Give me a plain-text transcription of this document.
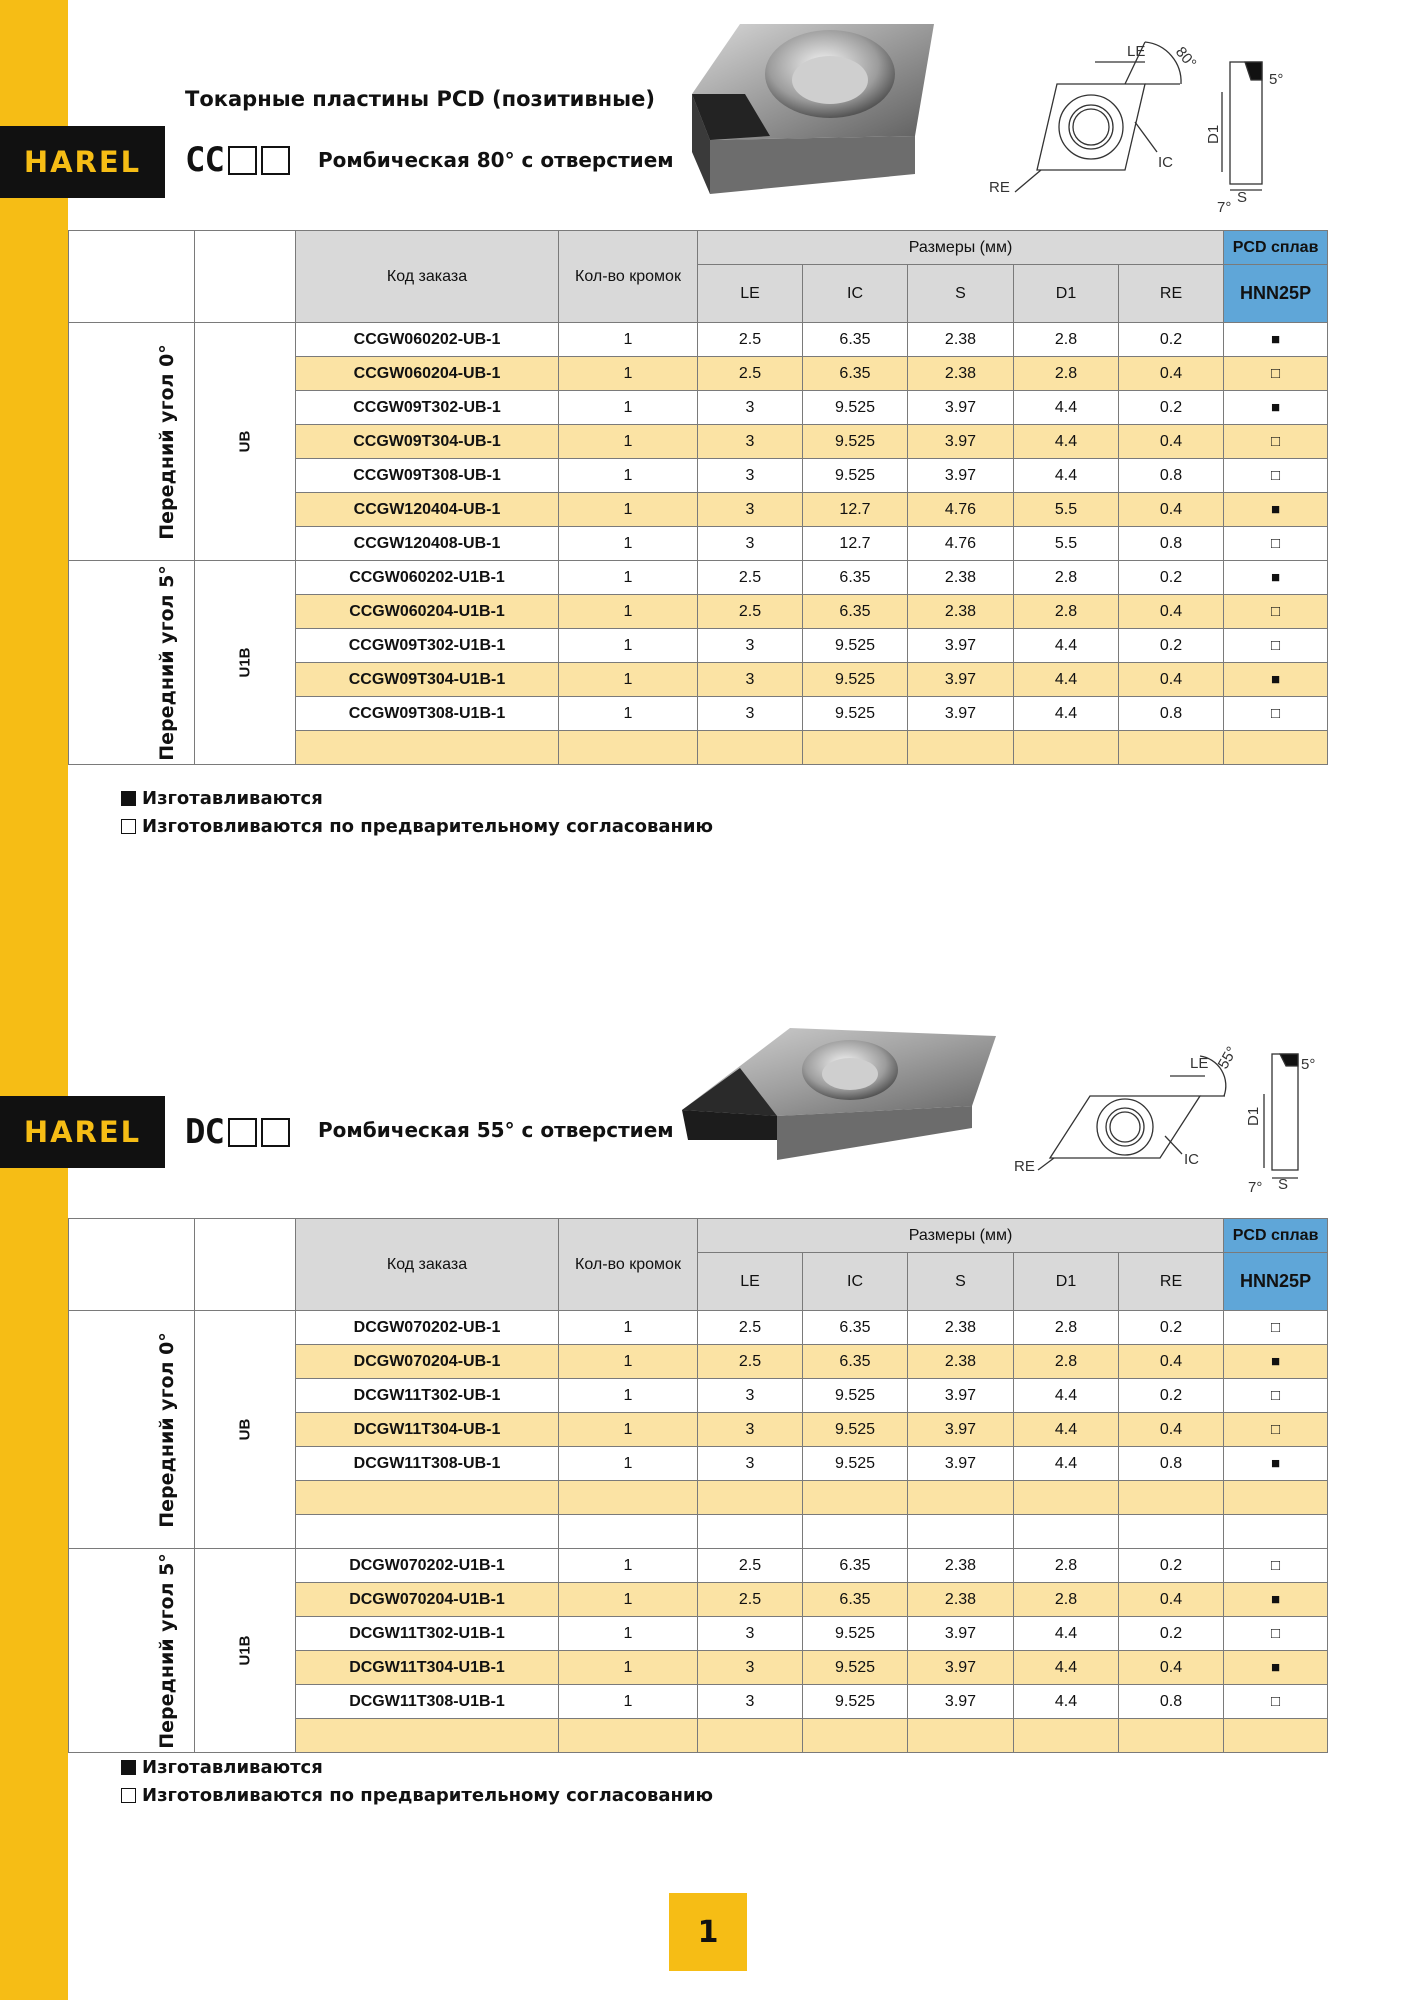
HAREL
Токарные пластины PCD (позитивные)
CC	Ромбическая 80° с отверстием
LE 80°
RE
IC
D1
5°
S
7°
		Код заказа	Кол-во кромок	Размеры (мм)					PCD сплав
				LE	IC	S	D1	RE	HNN25P
Передний угол 0°	UB	CCGW060202-UB-1	1	2.5	6.35	2.38	2.8	0.2	■
		CCGW060204-UB-1	1	2.5	6.35	2.38	2.8	0.4	□
		CCGW09T302-UB-1	1	3	9.525	3.97	4.4	0.2	■
		CCGW09T304-UB-1	1	3	9.525	3.97	4.4	0.4	□
		CCGW09T308-UB-1	1	3	9.525	3.97	4.4	0.8	□
		CCGW120404-UB-1	1	3	12.7	4.76	5.5	0.4	■
		CCGW120408-UB-1	1	3	12.7	4.76	5.5	0.8	□
Передний угол 5°	U1B	CCGW060202-U1B-1	1	2.5	6.35	2.38	2.8	0.2	■
		CCGW060204-U1B-1	1	2.5	6.35	2.38	2.8	0.4	□
		CCGW09T302-U1B-1	1	3	9.525	3.97	4.4	0.2	□
		CCGW09T304-U1B-1	1	3	9.525	3.97	4.4	0.4	■
		CCGW09T308-U1B-1	1	3	9.525	3.97	4.4	0.8	□

Изготавливаются
Изготовливаются по предварительному согласованию
HAREL DC	Ромбическая 55° с отверстием
LE 55°
RE	IC
D1
5°
S
7°
		Код заказа	Кол-во кромок	Размеры (мм)					PCD сплав
				LE	IC	S	D1	RE	HNN25P
Передний угол 0°	UB	DCGW070202-UB-1	1	2.5	6.35	2.38	2.8	0.2	□
		DCGW070204-UB-1	1	2.5	6.35	2.38	2.8	0.4	■
		DCGW11T302-UB-1	1	3	9.525	3.97	4.4	0.2	□
		DCGW11T304-UB-1	1	3	9.525	3.97	4.4	0.4	□
		DCGW11T308-UB-1	1	3	9.525	3.97	4.4	0.8	■

Передний угол 5°	U1B	DCGW070202-U1B-1	1	2.5	6.35	2.38	2.8	0.2	□
		DCGW070204-U1B-1	1	2.5	6.35	2.38	2.8	0.4	■
		DCGW11T302-U1B-1	1	3	9.525	3.97	4.4	0.2	□
		DCGW11T304-U1B-1	1	3	9.525	3.97	4.4	0.4	■
		DCGW11T308-U1B-1	1	3	9.525	3.97	4.4	0.8	□

Изготавливаются
Изготовливаются по предварительному согласованию
1
